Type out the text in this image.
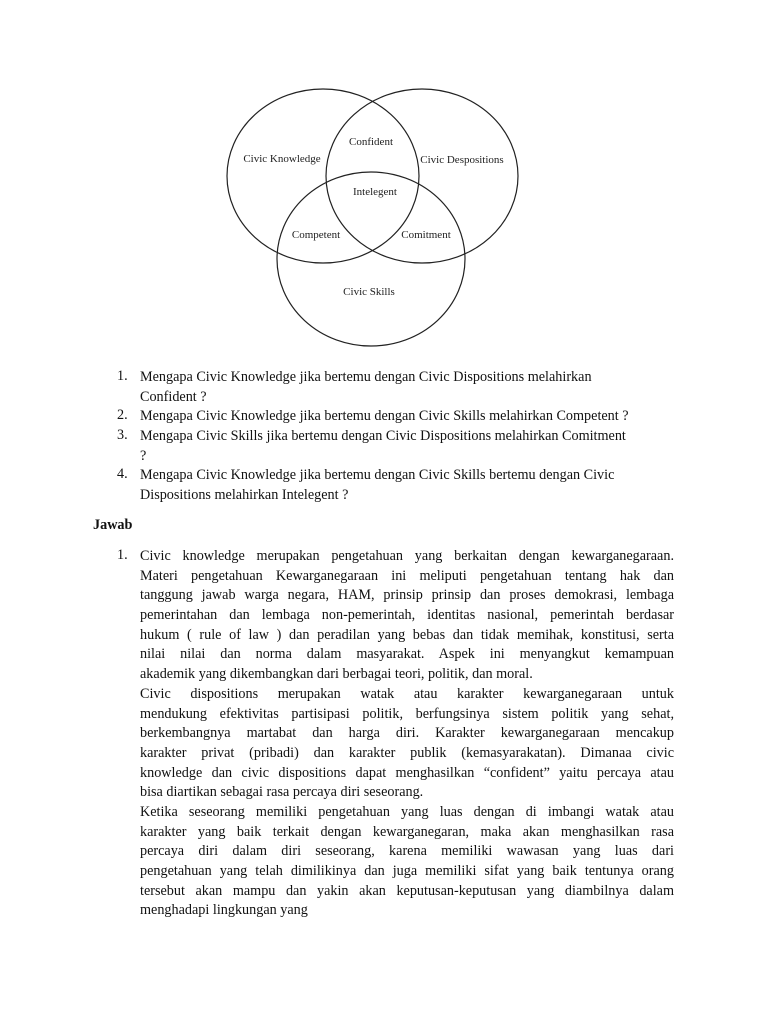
Civic Knowledge	Civic Despositions
Civic Skills
Confident
Intelegent
Competent	Comitment
1. Mengapa Civic Knowledge jika bertemu dengan Civic Dispositions melahirkan
Confident ?
2. Mengapa Civic Knowledge jika bertemu dengan Civic Skills melahirkan Competent ?
3. Mengapa Civic Skills jika bertemu dengan Civic Dispositions melahirkan Comitment
?
4. Mengapa Civic Knowledge jika bertemu dengan Civic Skills bertemu dengan Civic
Dispositions melahirkan Intelegent ?
Jawab
1. Civic knowledge merupakan pengetahuan yang berkaitan dengan kewarganegaraan.
Materi pengetahuan Kewarganegaraan ini meliputi pengetahuan tentang hak dan
tanggung jawab warga negara, HAM, prinsip prinsip dan proses demokrasi, lembaga
pemerintahan dan lembaga non-pemerintah, identitas nasional, pemerintah berdasar
hukum ( rule of law ) dan peradilan yang bebas dan tidak memihak, konstitusi, serta
nilai nilai dan norma dalam masyarakat. Aspek ini menyangkut kemampuan
akademik yang dikembangkan dari berbagai teori, politik, dan moral.
Civic dispositions merupakan watak atau karakter kewarganegaraan untuk
mendukung efektivitas partisipasi politik, berfungsinya sistem politik yang sehat,
berkembangnya martabat dan harga diri. Karakter kewarganegaraan mencakup
karakter privat (pribadi) dan karakter publik (kemasyarakatan). Dimanaa civic
knowledge dan civic dispositions dapat menghasilkan “confident” yaitu percaya atau
bisa diartikan sebagai rasa percaya diri seseorang.
Ketika seseorang memiliki pengetahuan yang luas dengan di imbangi watak atau
karakter yang baik terkait dengan kewarganegaran, maka akan menghasilkan rasa
percaya diri dalam diri seseorang, karena memiliki wawasan yang luas dari
pengetahuan yang telah dimilikinya dan juga memiliki sifat yang baik tentunya orang
tersebut akan mampu dan yakin akan keputusan-keputusan yang diambilnya dalam
menghadapi lingkungan yang
